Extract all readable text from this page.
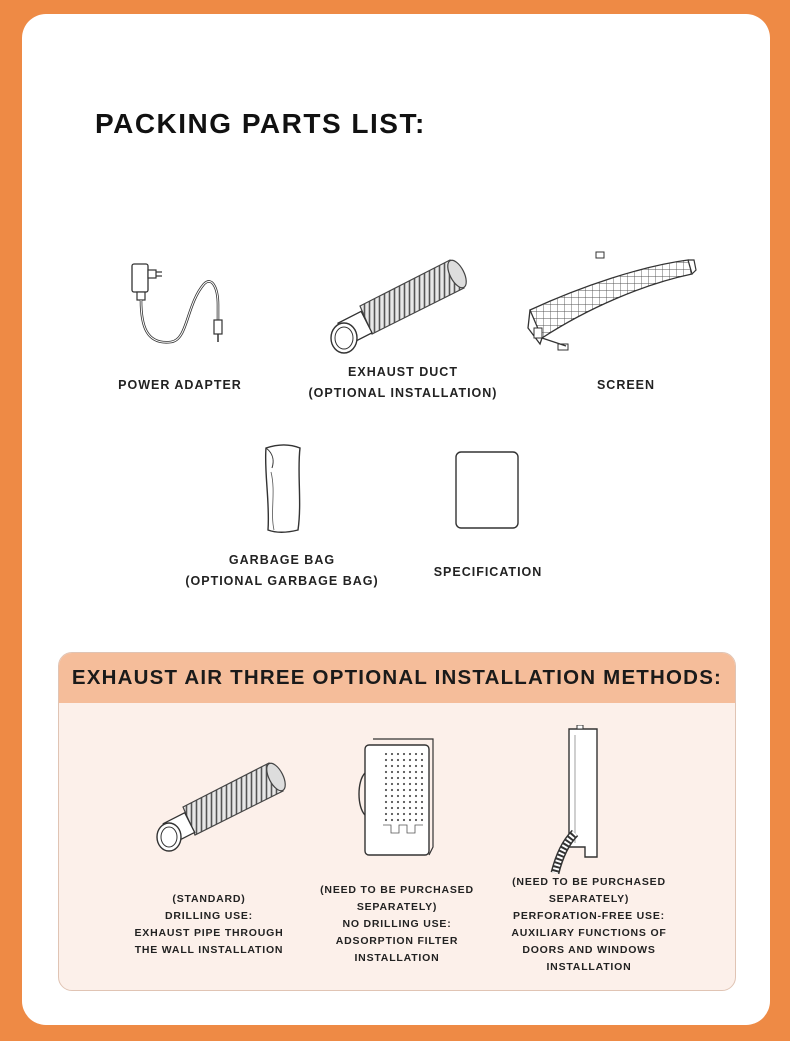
PACKING PARTS LIST:
POWER ADAPTER
EXHAUST DUCT
(OPTIONAL INSTALLATION)
SCREEN
GARBAGE BAG
(OPTIONAL GARBAGE BAG)
SPECIFICATION
EXHAUST AIR THREE OPTIONAL INSTALLATION METHODS:
(STANDARD)
DRILLING USE:
EXHAUST PIPE THROUGH
THE WALL INSTALLATION
(NEED TO BE PURCHASED
SEPARATELY)
NO DRILLING USE:
ADSORPTION FILTER
INSTALLATION
(NEED TO BE PURCHASED
SEPARATELY)
PERFORATION-FREE USE:
AUXILIARY FUNCTIONS OF
DOORS AND WINDOWS
INSTALLATION
